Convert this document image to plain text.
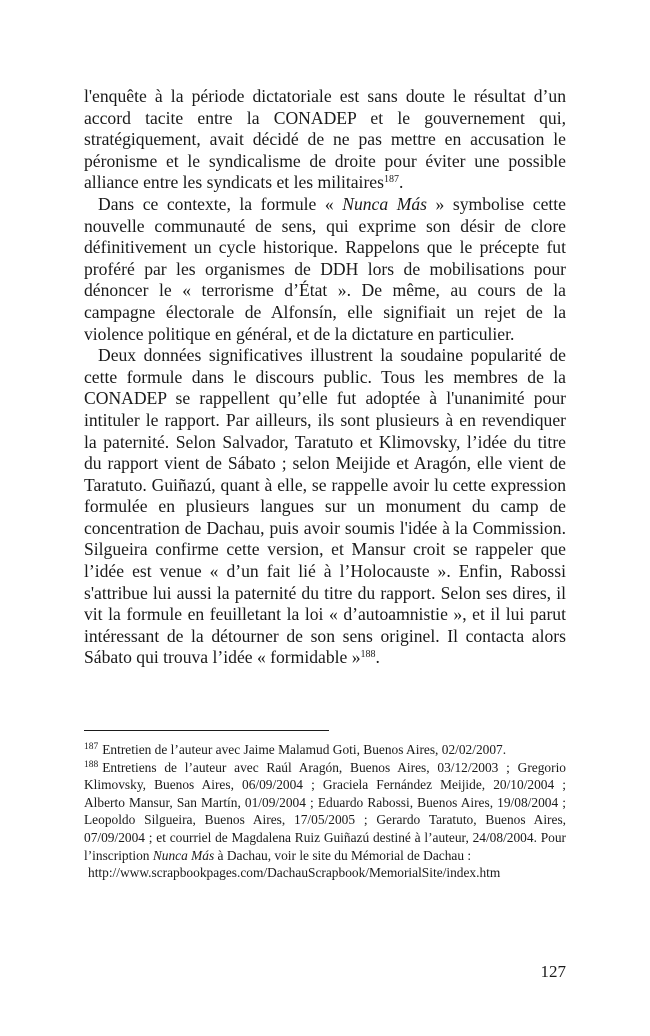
l'enquête à la période dictatoriale est sans doute le résultat d’un accord tacite entre la CONADEP et le gouvernement qui, stratégiquement, avait décidé de ne pas mettre en accusation le péronisme et le syndicalisme de droite pour éviter une possible alliance entre les syndicats et les militaires$^{187}$.

Dans ce contexte, la formule « Nunca Más » symbolise cette nouvelle communauté de sens, qui exprime son désir de clore définitivement un cycle historique. Rappelons que le précepte fut proféré par les organismes de DDH lors de mobilisations pour dénoncer le « terrorisme d’État ». De même, au cours de la campagne électorale de Alfonsín, elle signifiait un rejet de la violence politique en général, et de la dictature en particulier.

Deux données significatives illustrent la soudaine popularité de cette formule dans le discours public. Tous les membres de la CONADEP se rappellent qu’elle fut adoptée à l'unanimité pour intituler le rapport. Par ailleurs, ils sont plusieurs à en revendiquer la paternité. Selon Salvador, Taratuto et Klimovsky, l’idée du titre du rapport vient de Sábato ; selon Meijide et Aragón, elle vient de Taratuto. Guiñazú, quant à elle, se rappelle avoir lu cette expression formulée en plusieurs langues sur un monument du camp de concentration de Dachau, puis avoir soumis l'idée à la Commission. Silgueira confirme cette version, et Mansur croit se rappeler que l’idée est venue « d’un fait lié à l’Holocauste ». Enfin, Rabossi s'attribue lui aussi la paternité du titre du rapport. Selon ses dires, il vit la formule en feuilletant la loi « d’autoamnistie », et il lui parut intéressant de la détourner de son sens originel. Il contacta alors Sábato qui trouva l’idée « formidable »$^{188}$.

$^{187}$ Entretien de l’auteur avec Jaime Malamud Goti, Buenos Aires, 02/02/2007.

$^{188}$ Entretiens de l’auteur avec Raúl Aragón, Buenos Aires, 03/12/2003 ; Gregorio Klimovsky, Buenos Aires, 06/09/2004 ; Graciela Fernández Meijide, 20/10/2004 ; Alberto Mansur, San Martín, 01/09/2004 ; Eduardo Rabossi, Buenos Aires, 19/08/2004 ; Leopoldo Silgueira, Buenos Aires, 17/05/2005 ; Gerardo Taratuto, Buenos Aires, 07/09/2004 ; et courriel de Magdalena Ruiz Guiñazú destiné à l’auteur, 24/08/2004. Pour l’inscription Nunca Más à Dachau, voir le site du Mémorial de Dachau :

http://www.scrapbookpages.com/DachauScrapbook/MemorialSite/index.htm

127
